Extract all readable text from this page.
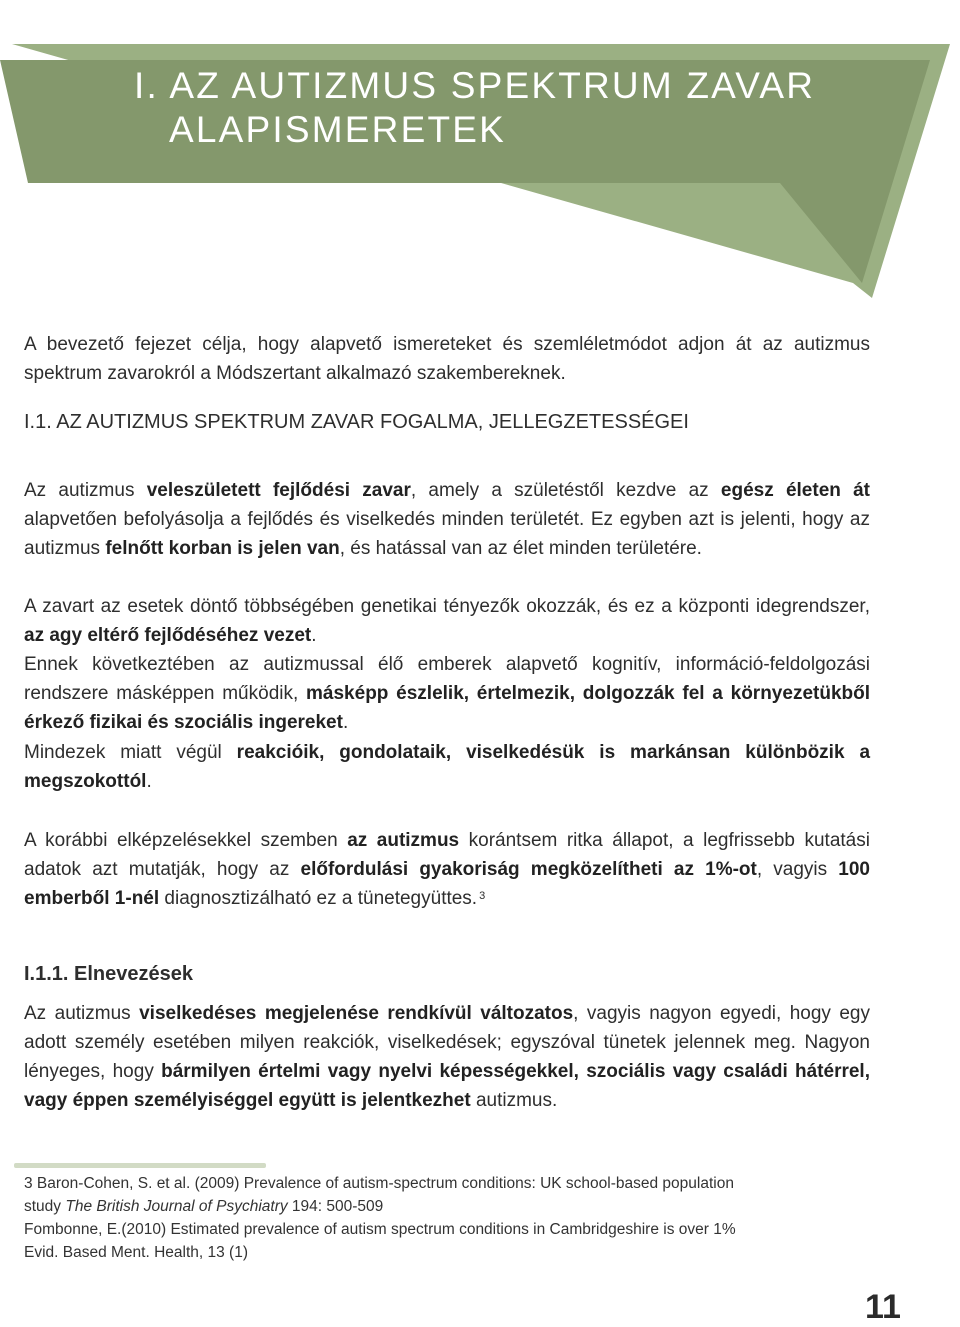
I. AZ AUTIZMUS SPEKTRUM ZAVAR
ALAPISMERETEK

A bevezető fejezet célja, hogy alapvető ismereteket és szemléletmódot adjon át az autizmus spektrum zavarokról a Módszertant alkalmazó szakembereknek.

I.1. AZ AUTIZMUS SPEKTRUM ZAVAR FOGALMA, JELLEGZETESSÉGEI

Az autizmus veleszületett fejlődési zavar, amely a születéstől kezdve az egész életen át alapvetően befolyásolja a fejlődés és viselkedés minden területét. Ez egyben azt is jelenti, hogy az autizmus felnőtt korban is jelen van, és hatással van az élet minden területére.

A zavart az esetek döntő többségében genetikai tényezők okozzák, és ez a központi idegrendszer, az agy eltérő fejlődéséhez vezet.

Ennek következtében az autizmussal élő emberek alapvető kognitív, információ-feldolgozási rendszere másképpen működik, másképp észlelik, értelmezik, dolgozzák fel a környezetükből érkező fizikai és szociális ingereket.

Mindezek miatt végül reakcióik, gondolataik, viselkedésük is markánsan különbözik a megszokottól.

A korábbi elképzelésekkel szemben az autizmus korántsem ritka állapot, a legfrissebb kutatási adatok azt mutatják, hogy az előfordulási gyakoriság megközelítheti az 1%-ot, vagyis 100 emberből 1-nél diagnosztizálható ez a tünetegyüttes. $^3$

I.1.1. Elnevezések

Az autizmus viselkedéses megjelenése rendkívül változatos, vagyis nagyon egyedi, hogy egy adott személy esetében milyen reakciók, viselkedések; egyszóval tünetek jelennek meg. Nagyon lényeges, hogy bármilyen értelmi vagy nyelvi képességekkel, szociális vagy családi hátérrel, vagy éppen személyiséggel együtt is jelentkezhet autizmus.

3 Baron-Cohen, S. et al. (2009) Prevalence of autism-spectrum conditions: UK school-based population

study The British Journal of Psychiatry 194: 500-509

Fombonne, E.(2010) Estimated prevalence of autism spectrum conditions in Cambridgeshire is over 1%

Evid. Based Ment. Health, 13 (1)

11
